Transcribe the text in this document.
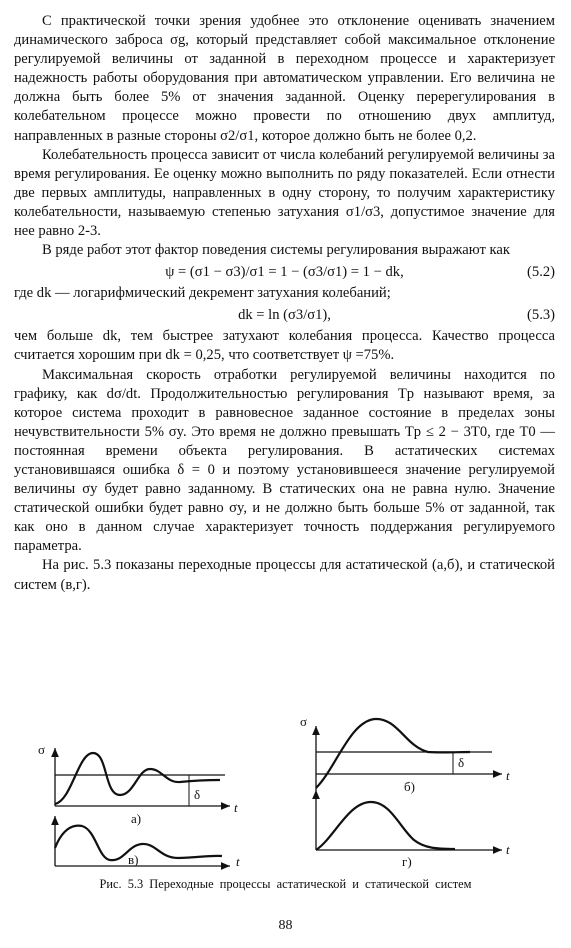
С практической точки зрения удобнее это отклонение оценивать значением динамического заброса σg, который представляет собой максимальное отклонение регулируемой величины от заданной в переходном процессе и характеризует надежность работы оборудования при автоматическом управлении. Его величина не должна быть более 5% от значения заданной. Оценку перерегулирования в колебательном процессе можно провести по отношению двух амплитуд, направленных в разные стороны σ2/σ1, которое должно быть не более 0,2.

Колебательность процесса зависит от числа колебаний регулируемой величины за время регулирования. Ее оценку можно выполнить по ряду показателей. Если отнести две первых амплитуды, направленных в одну сторону, то получим характеристику колебательности, называемую степенью затухания σ1/σ3, допустимое значение для нее равно 2-3.

В ряде работ этот фактор поведения системы регулирования выражают как

ψ = (σ1 − σ3)/σ1 = 1 − (σ3/σ1) = 1 − dk,	(5.2)

где dk — логарифмический декремент затухания колебаний;

dk = ln (σ3/σ1),	(5.3)

чем больше dk, тем быстрее затухают колебания процесса. Качество процесса считается хорошим при dk = 0,25, что соответствует ψ =75%.

Максимальная скорость отработки регулируемой величины находится по графику, как dσ/dt. Продолжительностью регулирования Tp называют время, за которое система проходит в равновесное заданное состояние в пределах зоны нечувствительности 5% σy. Это время не должно превышать Tp ≤ 2 − 3T0, где T0 — постоянная времени объекта регулирования. В астатических системах установившаяся ошибка δ = 0 и поэтому установившееся значение регулируемой величины σy будет равно заданному. В статических она не равна нулю. Значение статической ошибки будет равно σy, и не должно быть больше 5% от заданной, так как оно в данном случае характеризует точность поддержания регулируемого параметра.

На рис. 5.3 показаны переходные процессы для астатической (а,б), и статической систем (в,г).

σ
t
δ
а)
t
в)
σ
t
δ
б)
t
г)
Рис. 5.3 Переходные процессы астатической и статической систем
88
